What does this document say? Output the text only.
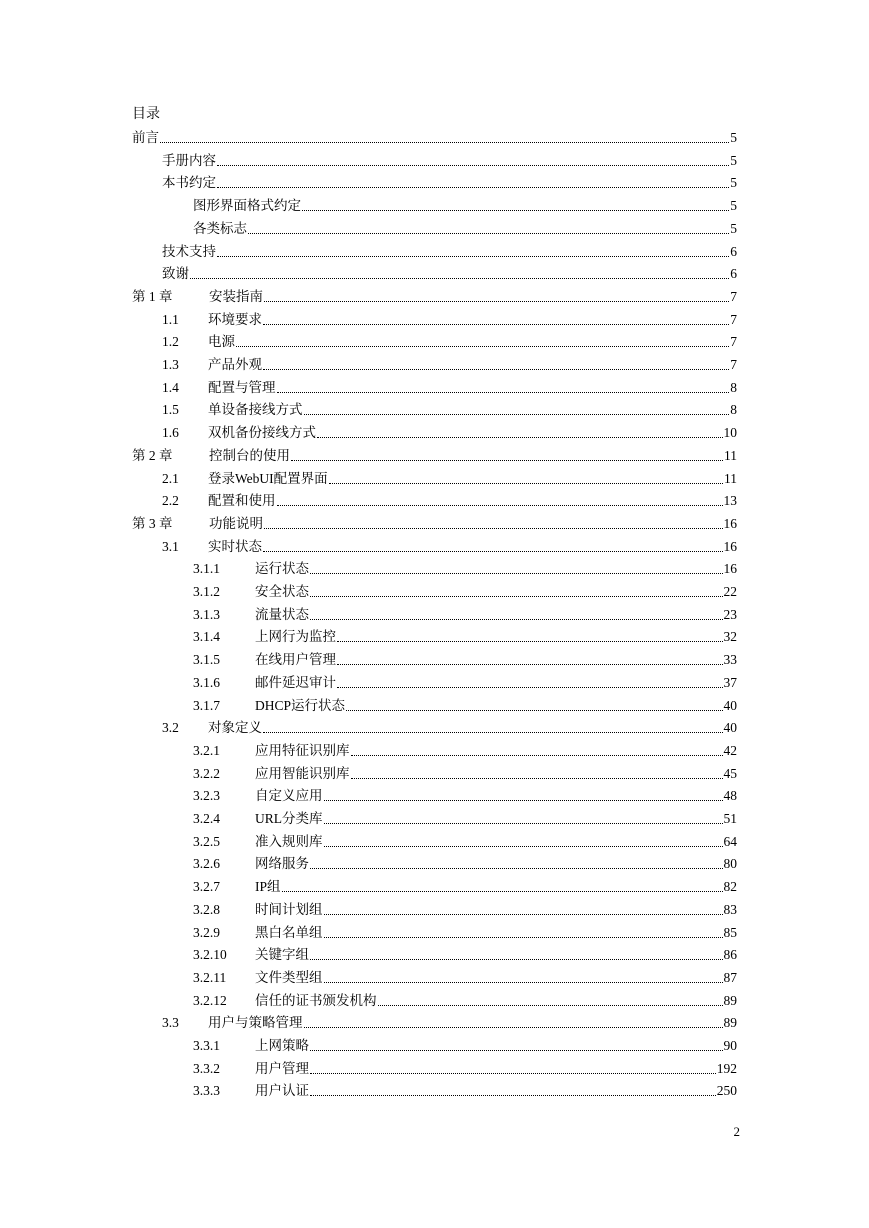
目录
前言	5
手册内容	5
本书约定	5
图形界面格式约定	5
各类标志	5
技术支持	6
致谢	6
第 1 章	安装指南	7
1.1	环境要求	7
1.2	电源	7
1.3	产品外观	7
1.4	配置与管理	8
1.5	单设备接线方式	8
1.6	双机备份接线方式	10
第 2 章	控制台的使用	11
2.1	登录WebUI配置界面	11
2.2	配置和使用	13
第 3 章	功能说明	16
3.1	实时状态	16
3.1.1	运行状态	16
3.1.2	安全状态	22
3.1.3	流量状态	23
3.1.4	上网行为监控	32
3.1.5	在线用户管理	33
3.1.6	邮件延迟审计	37
3.1.7	DHCP运行状态	40
3.2	对象定义	40
3.2.1	应用特征识别库	42
3.2.2	应用智能识别库	45
3.2.3	自定义应用	48
3.2.4	URL分类库	51
3.2.5	准入规则库	64
3.2.6	网络服务	80
3.2.7	IP组	82
3.2.8	时间计划组	83
3.2.9	黑白名单组	85
3.2.10	关键字组	86
3.2.11	文件类型组	87
3.2.12	信任的证书颁发机构	89
3.3	用户与策略管理	89
3.3.1	上网策略	90
3.3.2	用户管理	192
3.3.3	用户认证	250
2
